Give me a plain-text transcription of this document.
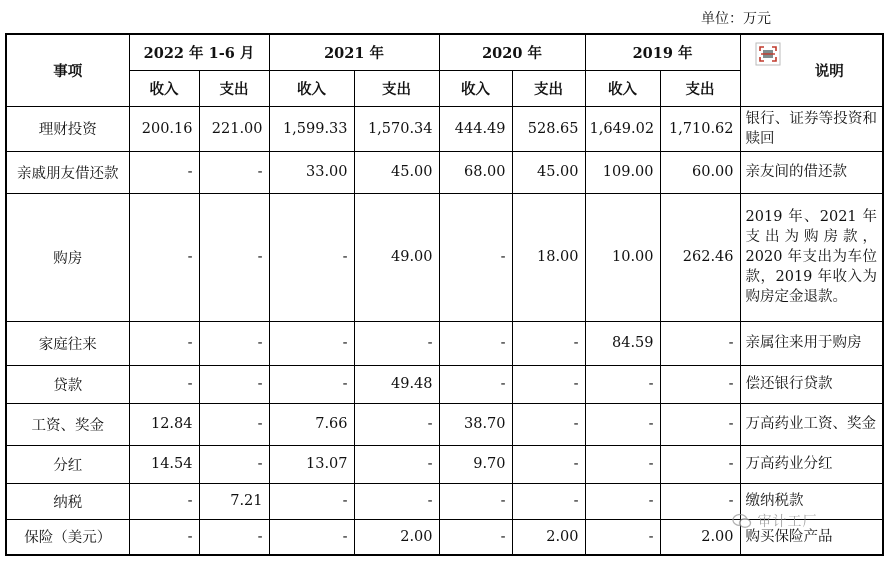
单位：万元
事项	2022 年 1-6 月		2021 年		2020 年		2019 年		说明
	收入	支出	收入	支出	收入	支出	收入	支出	
理财投资	200.16	221.00	1,599.33	1,570.34	444.49	528.65	1,649.02	1,710.62	银行、证券等投资和赎回
亲戚朋友借还款	-	-	33.00	45.00	68.00	45.00	109.00	60.00	亲友间的借还款
购房	-	-	-	49.00	-	18.00	10.00	262.46	2019 年、2021 年支出为购房款，2020 年支出为车位款，2019 年收入为购房定金退款。
家庭往来	-	-	-	-	-	-	84.59	-	亲属往来用于购房
贷款	-	-	-	49.48	-	-	-	-	偿还银行贷款
工资、奖金	12.84	-	7.66	-	38.70	-	-	-	万高药业工资、奖金
分红	14.54	-	13.07	-	9.70	-	-	-	万高药业分红
纳税	-	7.21	-	-	-	-	-	-	缴纳税款
保险（美元）	-	-	-	2.00	-	2.00	-	2.00	购买保险产品
审计工厂
